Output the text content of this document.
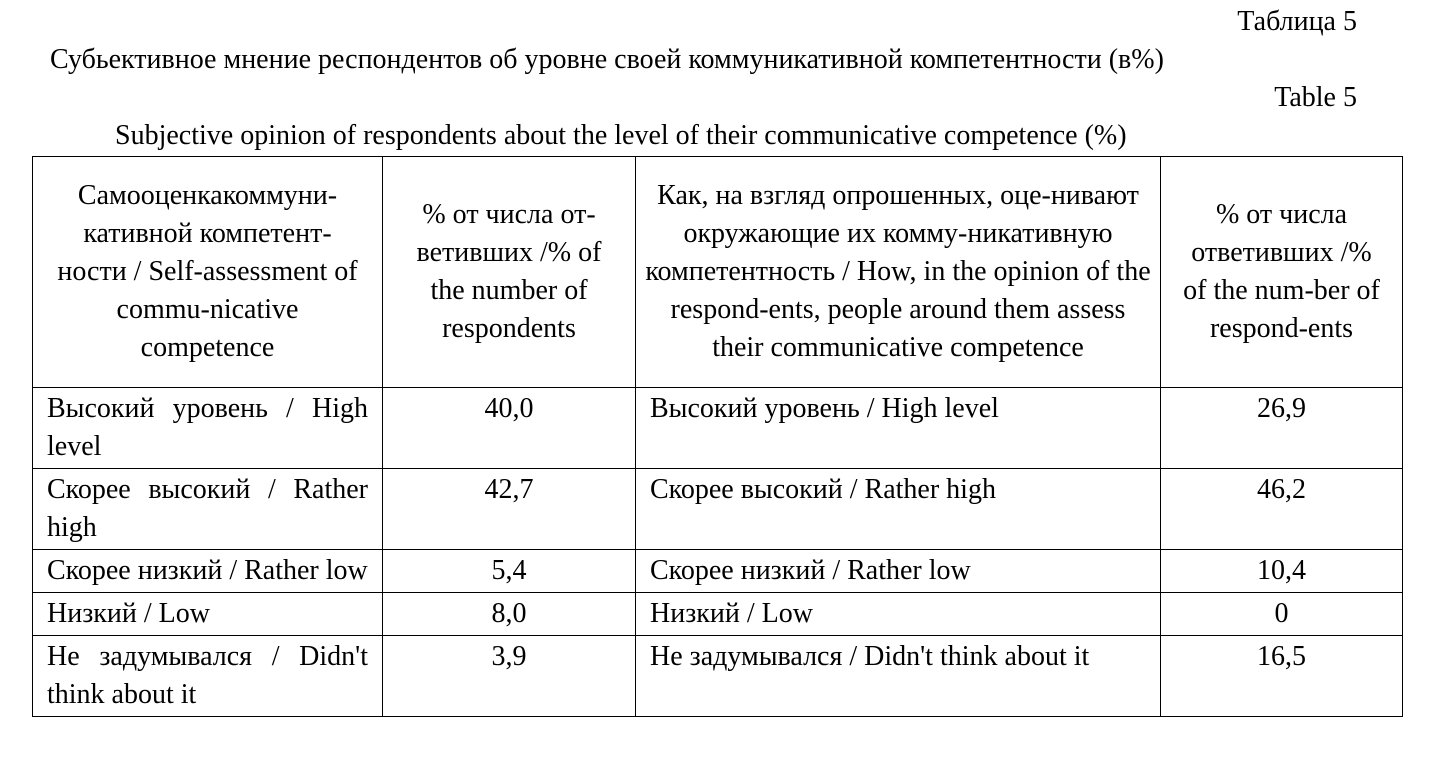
Таблица 5
Субьективное мнение респондентов об уровне своей коммуникативной компетентности (в%)
Table 5
Subjective opinion of respondents about the level of their communicative competence (%)
Самооценкакоммуни-кативной компетент-ности / Self-assessment of commu-nicative competence	% от числа от-ветивших /% of the number of respondents	Как, на взгляд опрошенных, оце-нивают окружающие их комму-никативную компетентность / How, in the opinion of the respond-ents, people around them assess their communicative competence	% от числа ответивших /% of the num-ber of respond-ents
Высокий уровень / High level	40,0	Высокий уровень / High level	26,9
Скорее высокий / Rather high	42,7	Скорее высокий / Rather high	46,2
Скорее низкий / Rather low	5,4	Скорее низкий / Rather low	10,4
Низкий / Low	8,0	Низкий / Low	0
Не задумывался / Didn't think about it	3,9	Не задумывался / Didn't think about it	16,5
